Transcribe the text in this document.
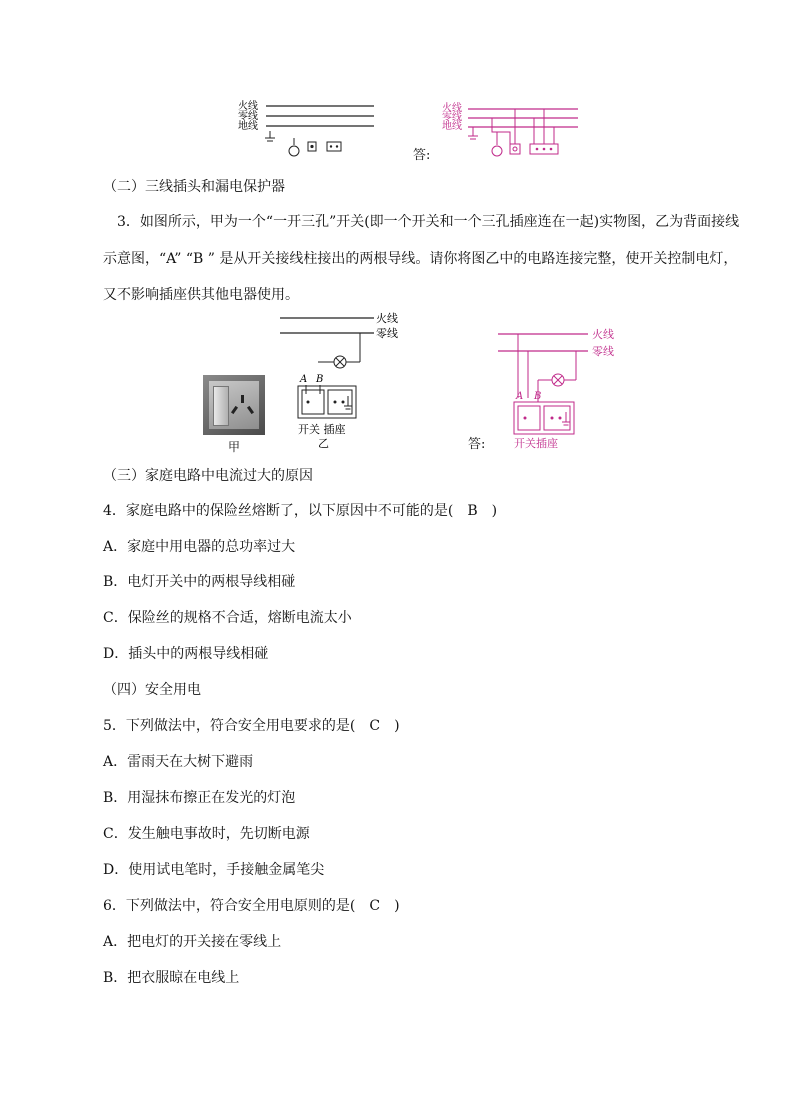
火线
零线
地线
答:
火线
零线
地线
（二）三线插头和漏电保护器
3．如图所示，甲为一个“一开三孔”开关(即一个开关和一个三孔插座连在一起)实物图，乙为背面接线
示意图，“A” “B ” 是从开关接线柱接出的两根导线。请你将图乙中的电路连接完整，使开关控制电灯，
又不影响插座供其他电器使用。
甲
火线
零线
A B
开关 插座
乙	答:
火线
零线
A B
开关插座
（三）家庭电路中电流过大的原因
4．家庭电路中的保险丝熔断了，以下原因中不可能的是(　B　)
A．家庭中用电器的总功率过大
B．电灯开关中的两根导线相碰
C．保险丝的规格不合适，熔断电流太小
D．插头中的两根导线相碰
（四）安全用电
5．下列做法中，符合安全用电要求的是(　C　)
A．雷雨天在大树下避雨
B．用湿抹布擦正在发光的灯泡
C．发生触电事故时，先切断电源
D．使用试电笔时，手接触金属笔尖
6．下列做法中，符合安全用电原则的是(　C　)
A．把电灯的开关接在零线上
B．把衣服晾在电线上
